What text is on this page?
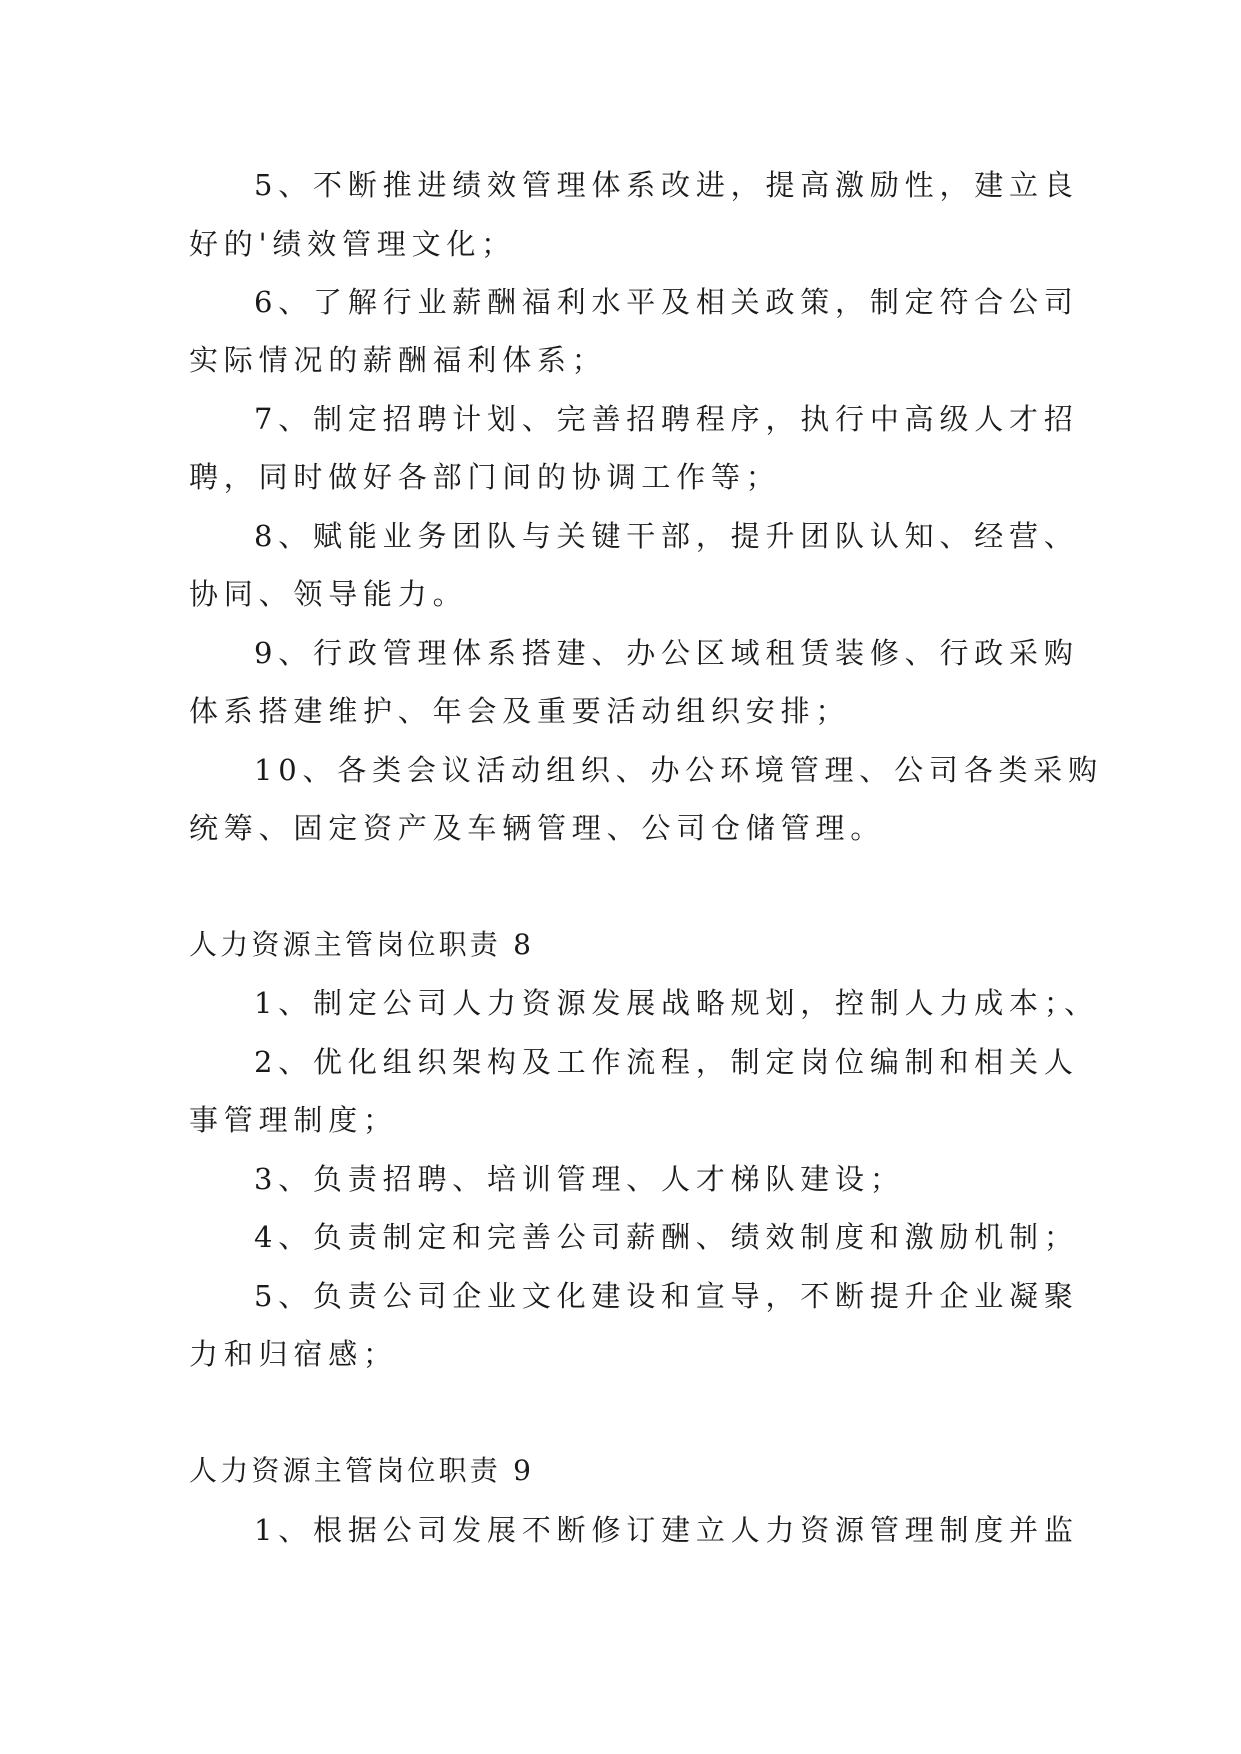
5、不断推进绩效管理体系改进，提高激励性，建立良
好的'绩效管理文化；
6、了解行业薪酬福利水平及相关政策，制定符合公司
实际情况的薪酬福利体系；
7、制定招聘计划、完善招聘程序，执行中高级人才招
聘，同时做好各部门间的协调工作等；
8、赋能业务团队与关键干部，提升团队认知、经营、
协同、领导能力。
9、行政管理体系搭建、办公区域租赁装修、行政采购
体系搭建维护、年会及重要活动组织安排；
10、各类会议活动组织、办公环境管理、公司各类采购
统筹、固定资产及车辆管理、公司仓储管理。
人力资源主管岗位职责 8
1、制定公司人力资源发展战略规划，控制人力成本；、
2、优化组织架构及工作流程，制定岗位编制和相关人
事管理制度；
3、负责招聘、培训管理、人才梯队建设；
4、负责制定和完善公司薪酬、绩效制度和激励机制；
5、负责公司企业文化建设和宣导，不断提升企业凝聚
力和归宿感；
人力资源主管岗位职责 9
1、根据公司发展不断修订建立人力资源管理制度并监
